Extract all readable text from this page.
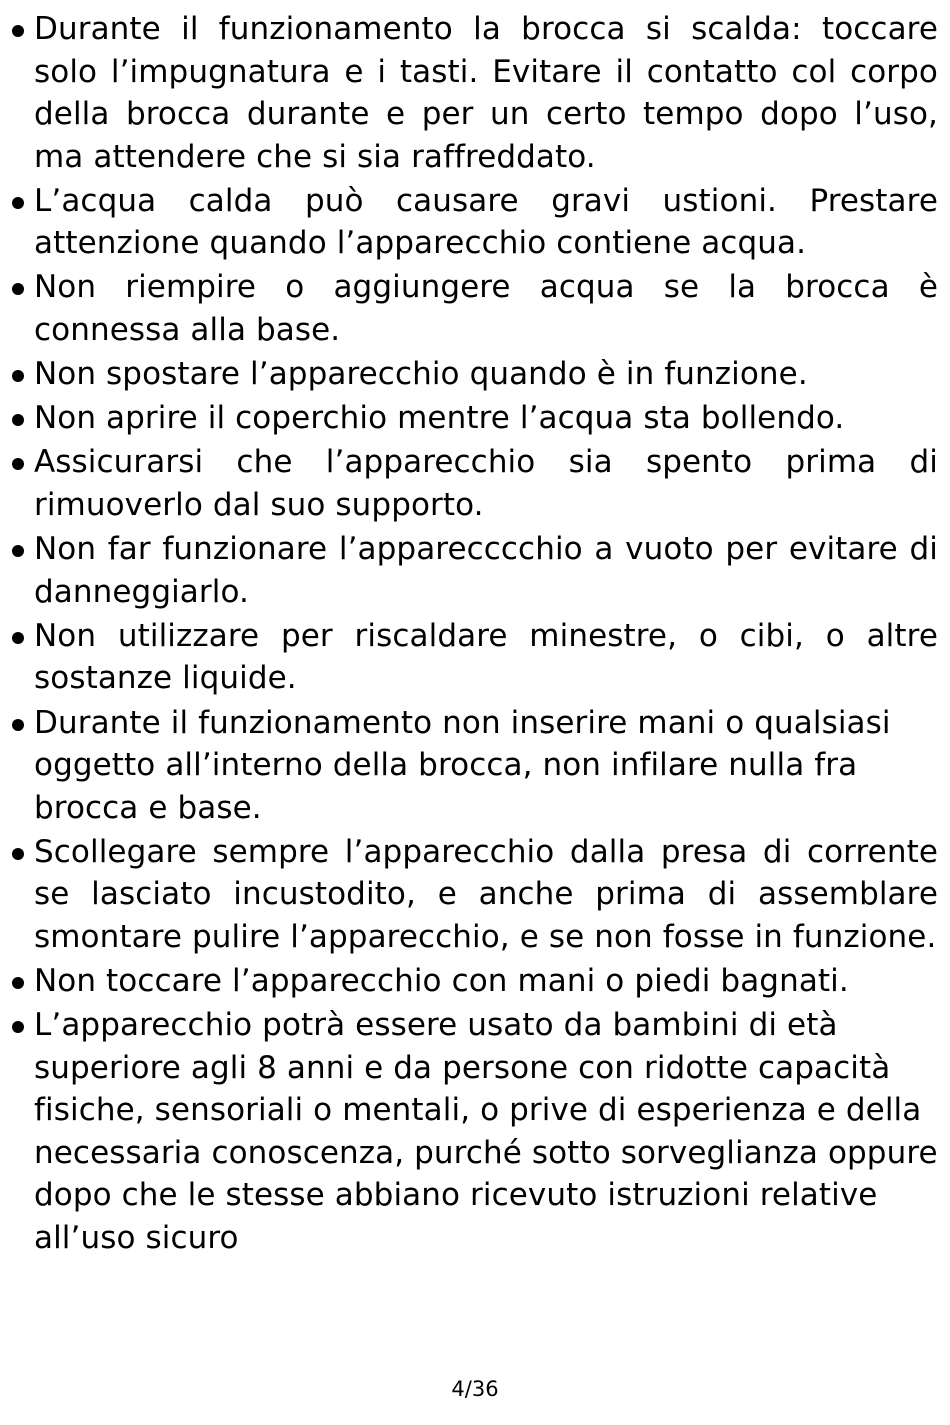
Durante il funzionamento la brocca si scalda: toccare solo l’impugnatura e i tasti. Evitare il contatto col corpo della brocca durante e per un certo tempo dopo l’uso, ma attendere che si sia raffreddato.
L’acqua calda può causare gravi ustioni. Prestare attenzione quando l’apparecchio contiene acqua.
Non riempire o aggiungere acqua se la brocca è connessa alla base.
Non spostare l’apparecchio quando è in funzione.
Non aprire il coperchio mentre l’acqua sta bollendo.
Assicurarsi che l’apparecchio sia spento prima di rimuoverlo dal suo supporto.
Non far funzionare l’apparecccchio a vuoto per evitare di danneggiarlo.
Non utilizzare per riscaldare minestre, o cibi, o altre sostanze liquide.
Durante il funzionamento non inserire mani o qualsiasi oggetto all’interno della brocca, non infilare nulla fra brocca e base.
Scollegare sempre l’apparecchio dalla presa di corrente se lasciato incustodito, e anche prima di assemblare smontare pulire l’apparecchio, e se non fosse in funzione.
Non toccare l’apparecchio con mani o piedi bagnati.
L’apparecchio potrà essere usato da bambini di età superiore agli 8 anni e da persone con ridotte capacità fisiche, sensoriali o mentali, o prive di esperienza e della necessaria conoscenza, purché sotto sorveglianza oppure dopo che le stesse abbiano ricevuto istruzioni relative all’uso sicuro
4/36
